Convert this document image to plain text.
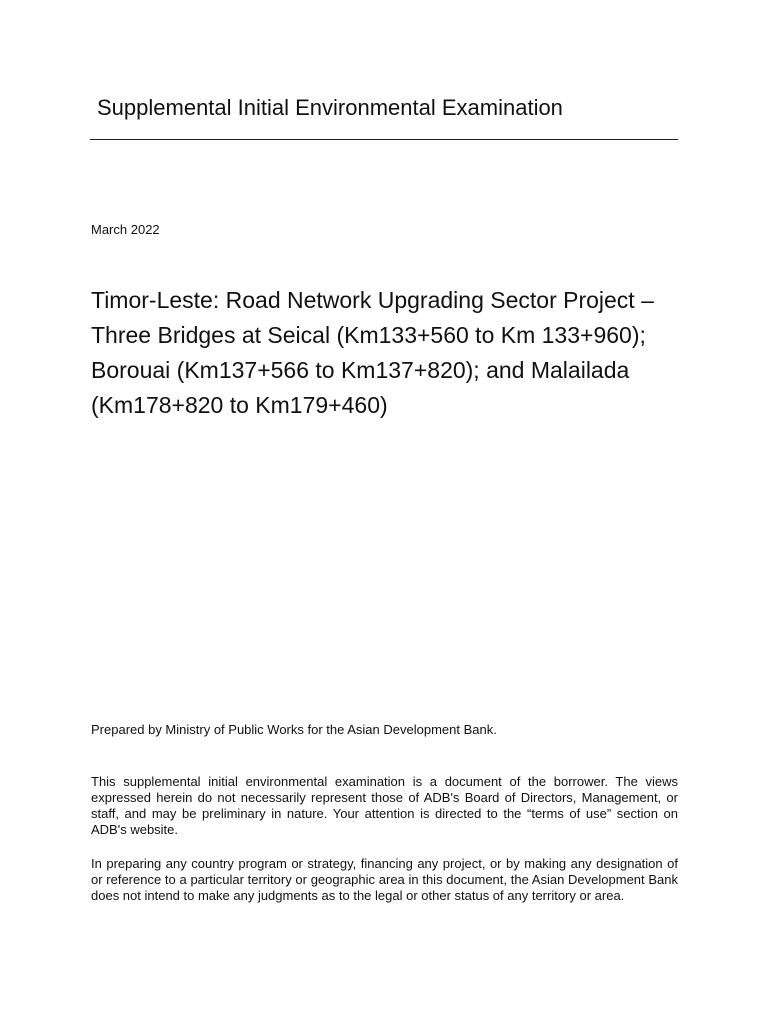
Supplemental Initial Environmental Examination
March 2022
Timor-Leste: Road Network Upgrading Sector Project – Three Bridges at Seical (Km133+560 to Km 133+960); Borouai (Km137+566 to Km137+820); and Malailada (Km178+820 to Km179+460)

Prepared by Ministry of Public Works for the Asian Development Bank.

This supplemental initial environmental examination is a document of the borrower. The views expressed herein do not necessarily represent those of ADB's Board of Directors, Management, or staff, and may be preliminary in nature. Your attention is directed to the “terms of use” section on ADB's website.

In preparing any country program or strategy, financing any project, or by making any designation of or reference to a particular territory or geographic area in this document, the Asian Development Bank does not intend to make any judgments as to the legal or other status of any territory or area.
